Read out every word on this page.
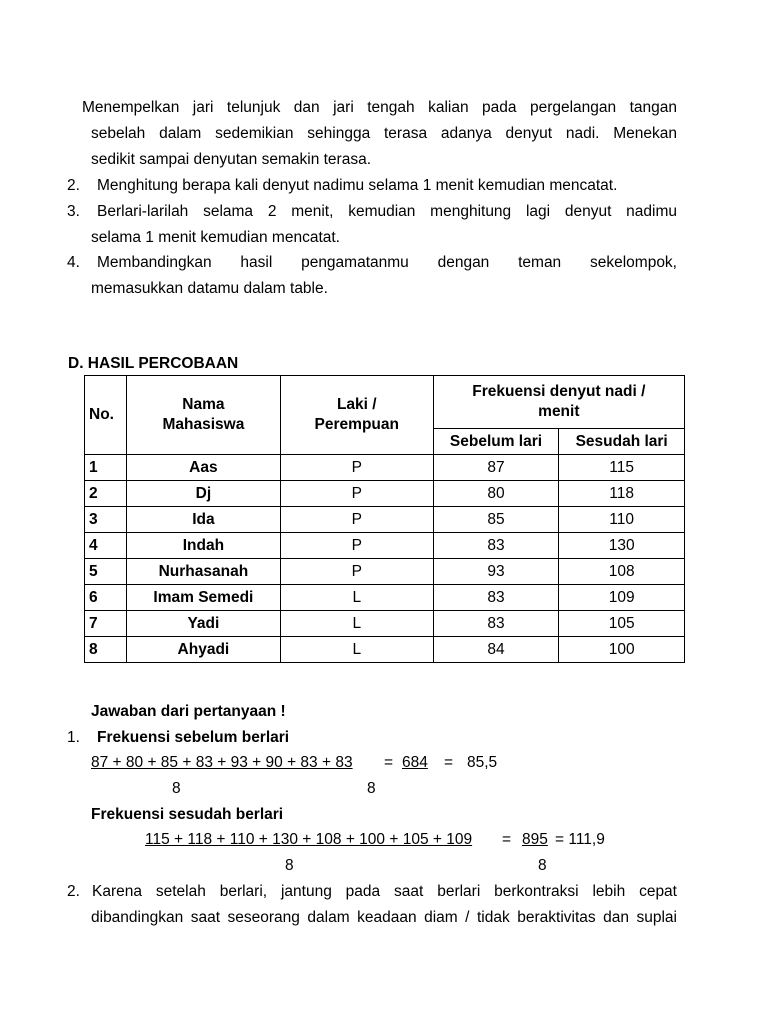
Menempelkan jari telunjuk dan jari tengah kalian pada pergelangan tangan
sebelah dalam sedemikian sehingga terasa adanya denyut nadi. Menekan
sedikit sampai denyutan semakin terasa.
2. Menghitung berapa kali denyut nadimu selama 1 menit kemudian mencatat.
3. Berlari-larilah selama 2 menit, kemudian menghitung lagi denyut nadimu
selama 1 menit kemudian mencatat.
4. Membandingkan hasil pengamatanmu dengan teman sekelompok,
memasukkan datamu dalam table.
D. HASIL PERCOBAAN
No.	Nama Mahasiswa	Laki / Perempuan	Frekuensi denyut nadi / menit	
			Sebelum lari	Sesudah lari
1	Aas	P	87	115
2	Dj	P	80	118
3	Ida	P	85	110
4	Indah	P	83	130
5	Nurhasanah	P	93	108
6	Imam Semedi	L	83	109
7	Yadi	L	83	105
8	Ahyadi	L	84	100
Jawaban dari pertanyaan !
1. Frekuensi sebelum berlari
87 + 80 + 85 + 83 + 93 + 90 + 83 + 83 = 684 = 85,5
8	8
Frekuensi sesudah berlari
115 + 118 + 110 + 130 + 108 + 100 + 105 + 109 = 895 = 111,9
8	8
2. Karena setelah berlari, jantung pada saat berlari berkontraksi lebih cepat
dibandingkan saat seseorang dalam keadaan diam / tidak beraktivitas dan suplai
